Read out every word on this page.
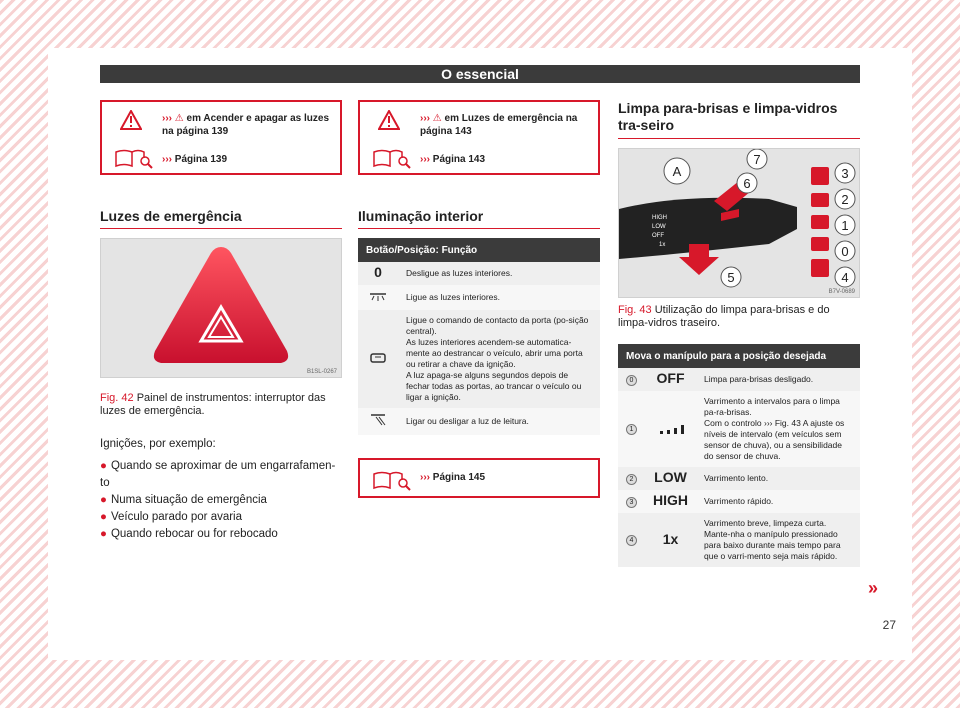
O essencial
››› ⚠ em Acender e apagar as luzes na página 139
››› Página 139
Luzes de emergência
B1SL-0267
Fig. 42 Painel de instrumentos: interruptor das luzes de emergência.
Ignições, por exemplo:
● Quando se aproximar de um engarrafamen-to
● Numa situação de emergência
● Veículo parado por avaria
● Quando rebocar ou for rebocado
››› ⚠ em Luzes de emergência na página 143
››› Página 143
Iluminação interior
Botão/Posição: Função	
0	Desligue as luzes interiores.
	Ligue as luzes interiores.
	Ligue o comando de contacto da porta (po-sição central).
As luzes interiores acendem-se automatica-mente ao destrancar o veículo, abrir uma porta ou retirar a chave da ignição.
A luz apaga-se alguns segundos depois de fechar todas as portas, ao trancar o veículo ou ligar a ignição.
	Ligar ou desligar a luz de leitura.
››› Página 145
Limpa para-brisas e limpa-vidros tra-seiro
HIGH
LOW
OFF
1x
A
7
6
5
3
2
1
0
4
B7V-0689
Fig. 43 Utilização do limpa para-brisas e do limpa-vidros traseiro.
Mova o manípulo para a posição desejada		
0	OFF	Limpa para-brisas desligado.
1		Varrimento a intervalos para o limpa pa-ra-brisas.
Com o controlo ››› Fig. 43 A ajuste os níveis de intervalo (em veículos sem sensor de chuva), ou a sensibilidade do sensor de chuva.
2	LOW	Varrimento lento.
3	HIGH	Varrimento rápido.
4	1x	Varrimento breve, limpeza curta. Mante-nha o manípulo pressionado para baixo durante mais tempo para que o varri-mento seja mais rápido.
»
27
